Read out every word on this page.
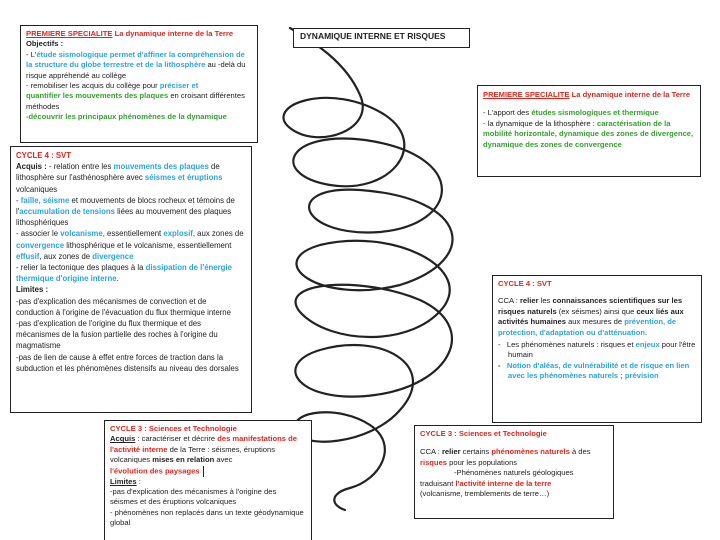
DYNAMIQUE INTERNE ET RISQUES

PREMIERE SPECIALITE La dynamique interne de la Terre

Objectifs :

- L'étude sismologique permet d'affiner la compréhension de la structure du globe terrestre et de la lithosphère au -delà du risque appréhendé au collège

- remobiliser les acquis du collège pour préciser et
quantifier les mouvements des plaques en croisant différentes méthodes

-découvrir les principaux phénomènes de la dynamique

PREMIERE SPECIALITE La dynamique interne de la Terre

- L'apport des études sismologiques et thermique

- la dynamique de la lithosphère : caractérisation de la mobilité horizontale, dynamique des zones de divergence, dynamique des zones de convergence

CYCLE 4 : SVT

Acquis : - relation entre les mouvements des plaques de lithosphère sur l'asthénosphère avec séismes et éruptions volcaniques

- faille, séisme et mouvements de blocs rocheux et témoins de l'accumulation de tensions liées au mouvement des plaques lithosphériques

- associer le volcanisme, essentiellement explosif, aux zones de convergence lithosphérique et le volcanisme, essentiellement effusif, aux zones de divergence

- relier la tectonique des plaques à la dissipation de l'énergie thermique d'origine interne.

Limites :

-pas d'explication des mécanismes de convection et de conduction à l'origine de l'évacuation du flux thermique interne

-pas d'explication de l'origine du flux thermique et des mécanismes de la fusion partielle des roches à l'origine du magmatisme

-pas de lien de cause à effet entre forces de traction dans la subduction et les phénomènes distensifs au niveau des dorsales

CYCLE 4 : SVT

CCA : relier les connaissances scientifiques sur les risques naturels (ex séismes) ainsi que ceux liés aux activités humaines aux mesures de prévention, de protection, d'adaptation ou d'atténuation.

-   Les phénomènes naturels : risques et enjeux pour l'être humain

-   Notion d'aléas, de vulnérabilité et de risque en lien avec les phénomènes naturels ; prévision

CYCLE 3 : Sciences et Technologie

Acquis : caractériser et décrire des manifestations de l'activité interne de la Terre : séismes, éruptions volcaniques mises en relation avec
l'évolution des paysages

Limites :

-pas d'explication des mécanismes à l'origine des séismes et des éruptions volcaniques

- phénomènes non replacés dans un texte géodynamique global

CYCLE 3 : Sciences et Technologie

CCA : relier certains phénomènes naturels à des risques pour les populations

-Phénomènes naturels géologiques

traduisant l'activité interne de la terre

(volcanisme, tremblements de terre…)
